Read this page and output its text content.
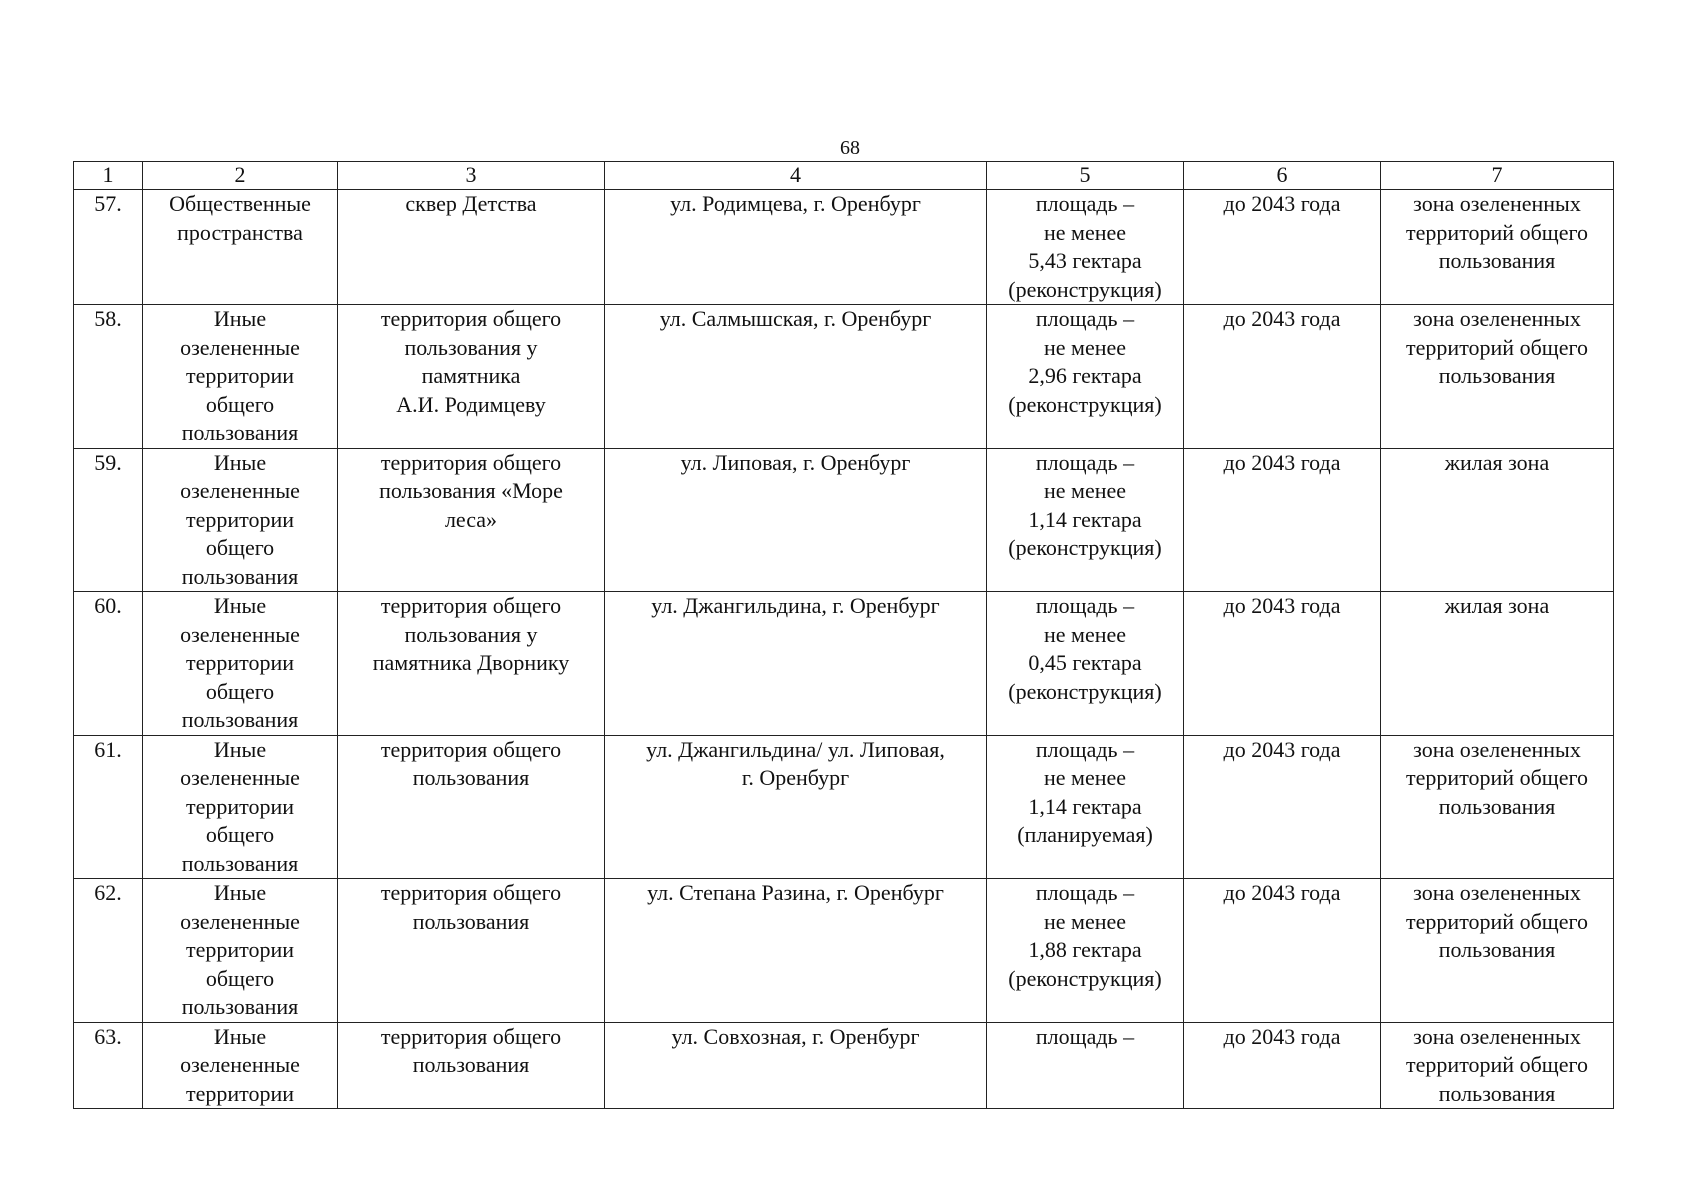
68
1	2	3	4	5	6	7
57.	Общественные
пространства	сквер Детства	ул. Родимцева, г. Оренбург	площадь –
не менее
5,43 гектара
(реконструкция)	до 2043 года	зона озелененных
территорий общего
пользования

58.	Иные
озелененные
территории
общего
пользования	территория общего
пользования у
памятника
А.И. Родимцеву	ул. Салмышская, г. Оренбург	площадь –
не менее
2,96 гектара
(реконструкция)	до 2043 года	зона озелененных
территорий общего
пользования

59.	Иные
озелененные
территории
общего
пользования	территория общего
пользования «Море
леса»	ул. Липовая, г. Оренбург	площадь –
не менее
1,14 гектара
(реконструкция)	до 2043 года	жилая зона

60.	Иные
озелененные
территории
общего
пользования	территория общего
пользования у
памятника Дворнику	ул. Джангильдина, г. Оренбург	площадь –
не менее
0,45 гектара
(реконструкция)	до 2043 года	жилая зона

61.	Иные
озелененные
территории
общего
пользования	территория общего
пользования	ул. Джангильдина/ ул. Липовая,
г. Оренбург	площадь –
не менее
1,14 гектара
(планируемая)	до 2043 года	зона озелененных
территорий общего
пользования

62.	Иные
озелененные
территории
общего
пользования	территория общего
пользования	ул. Степана Разина, г. Оренбург	площадь –
не менее
1,88 гектара
(реконструкция)	до 2043 года	зона озелененных
территорий общего
пользования

63.	Иные
озелененные
территории	территория общего
пользования	ул. Совхозная, г. Оренбург	площадь –	до 2043 года	зона озелененных
территорий общего
пользования
